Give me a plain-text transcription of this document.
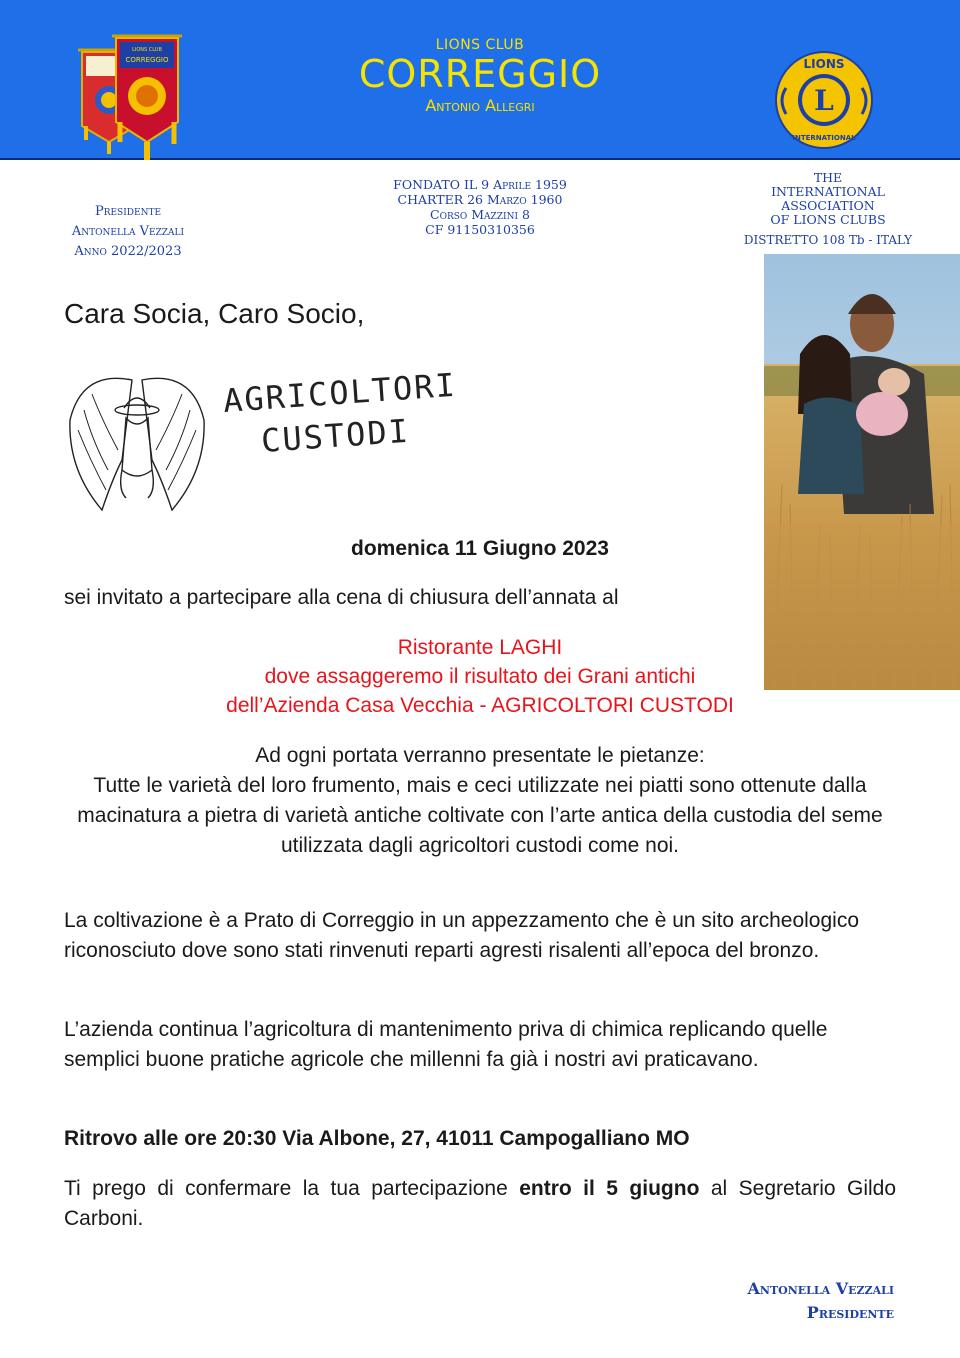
LIONS CLUB
CORREGGIO
LIONS CLUB
CORREGGIO
Antonio Allegri	L
LIONS
INTERNATIONAL
Presidente
Antonella Vezzali
Anno 2022/2023
FONDATO IL 9 Aprile 1959
CHARTER 26 Marzo 1960
Corso Mazzini 8
CF 91150310356
THE
INTERNATIONAL
ASSOCIATION
OF LIONS CLUBS
DISTRETTO 108 Tb - ITALY
Cara Socia, Caro Socio,
AGRICOLTORI
CUSTODI
domenica 11 Giugno 2023
sei invitato a partecipare alla cena di chiusura dell’annata al
Ristorante LAGHI
dove assaggeremo il risultato dei Grani antichi
dell’Azienda Casa Vecchia - AGRICOLTORI CUSTODI
Ad ogni portata verranno presentate le pietanze:
Tutte le varietà del loro frumento, mais e ceci utilizzate nei piatti sono ottenute dalla macinatura a pietra di varietà antiche coltivate con l’arte antica della custodia del seme utilizzata dagli agricoltori custodi come noi.
La coltivazione è a Prato di Correggio in un appezzamento che è un sito archeologico riconosciuto dove sono stati rinvenuti reparti agresti risalenti all’epoca del bronzo.
L’azienda continua l’agricoltura di mantenimento priva di chimica replicando quelle semplici buone pratiche agricole che millenni fa già i nostri avi praticavano.
Ritrovo alle ore 20:30 Via Albone, 27, 41011 Campogalliano MO
Ti prego di confermare la tua partecipazione entro il 5 giugno al Segretario Gildo Carboni.
Antonella Vezzali
Presidente
